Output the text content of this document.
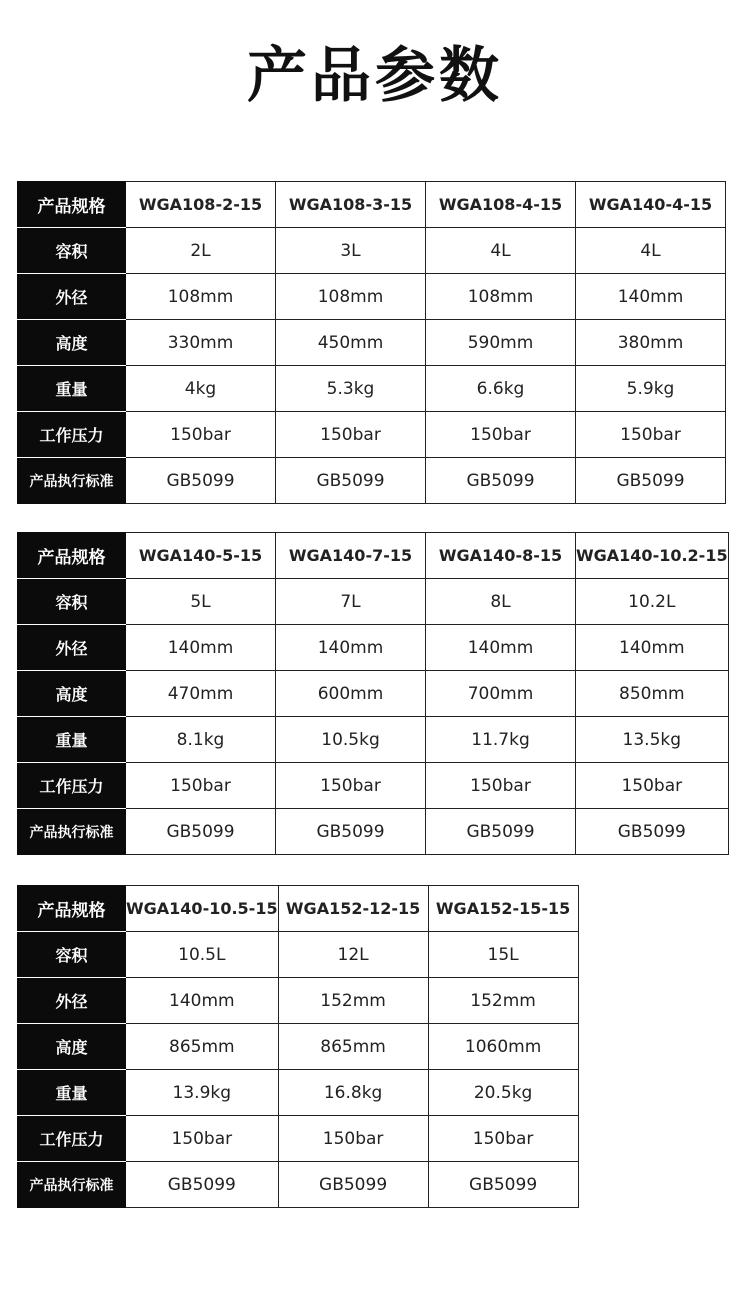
产品参数
产品规格	WGA108-2-15	WGA108-3-15	WGA108-4-15	WGA140-4-15
容积	2L	3L	4L	4L
外径	108mm	108mm	108mm	140mm
高度	330mm	450mm	590mm	380mm
重量	4kg	5.3kg	6.6kg	5.9kg
工作压力	150bar	150bar	150bar	150bar
产品执行标准	GB5099	GB5099	GB5099	GB5099
产品规格	WGA140-5-15	WGA140-7-15	WGA140-8-15	WGA140-10.2-15
容积	5L	7L	8L	10.2L
外径	140mm	140mm	140mm	140mm
高度	470mm	600mm	700mm	850mm
重量	8.1kg	10.5kg	11.7kg	13.5kg
工作压力	150bar	150bar	150bar	150bar
产品执行标准	GB5099	GB5099	GB5099	GB5099
产品规格	WGA140-10.5-15	WGA152-12-15	WGA152-15-15
容积	10.5L	12L	15L
外径	140mm	152mm	152mm
高度	865mm	865mm	1060mm
重量	13.9kg	16.8kg	20.5kg
工作压力	150bar	150bar	150bar
产品执行标准	GB5099	GB5099	GB5099
